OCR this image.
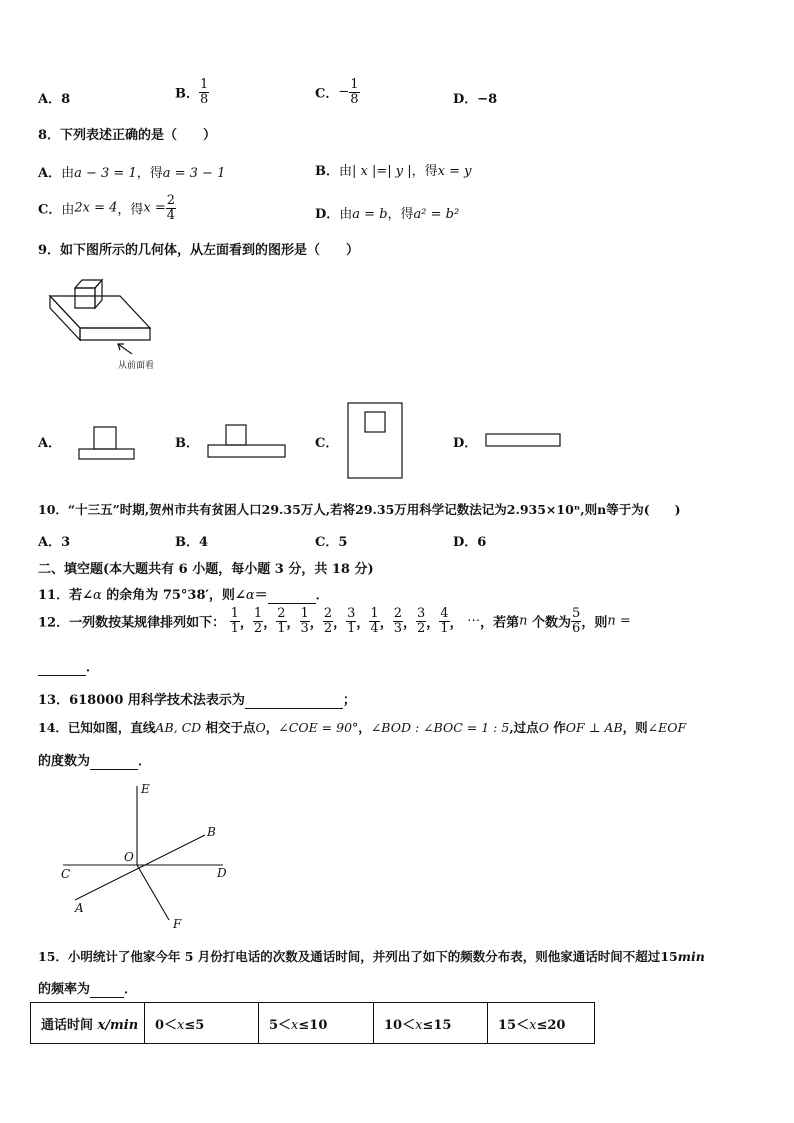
A．8	B． $\frac{1}{8}$	C．− $\frac{1}{8}$	D．−8
8．下列表述正确的是（　　）
A．由a − 3 = 1，得a = 3 − 1	B．由| x |=| y |，得x = y
C．由2x = 4，得$x = \frac{2}{4}$	D．由a = b，得a² = b²
9．如下图所示的几何体，从左面看到的图形是（　　）
从前面看
A．	B．	C．	D．
10．“十三五”时期,贺州市共有贫困人口29.35万人,若将29.35万用科学记数法记为2.935×10ⁿ,则n等于为(　　)
A．3	B．4	C．5	D．6
二、填空题(本大题共有 6 小题，每小题 3 分，共 18 分)
11．若∠α 的余角为 75°38′，则∠α＝	．
12．一列数按某规律排列如下： $\frac{1}{1}$ ， $\frac{1}{2}$ ， $\frac{2}{1}$ ， $\frac{1}{3}$ ， $\frac{2}{2}$ ， $\frac{3}{1}$ ， $\frac{1}{4}$ ， $\frac{2}{3}$ ， $\frac{3}{2}$ ， $\frac{4}{1}$ ， ⋯，若第n 个数为 $\frac{5}{6}$ ，则n =
．
13．618000 用科学技术法表示为	；
14．已知如图，直线AB, CD 相交于点O，∠COE = 90°，∠BOD : ∠BOC = 1 : 5,过点O 作OF ⊥ AB，则∠EOF
的度数为	．
E
B
O
C	D
A
F
15．小明统计了他家今年 5 月份打电话的次数及通话时间，并列出了如下的频数分布表，则他家通话时间不超过15min
的频率为	．
通话时间 x/min	0＜x≤5	5＜x≤10	10＜x≤15	15＜x≤20
